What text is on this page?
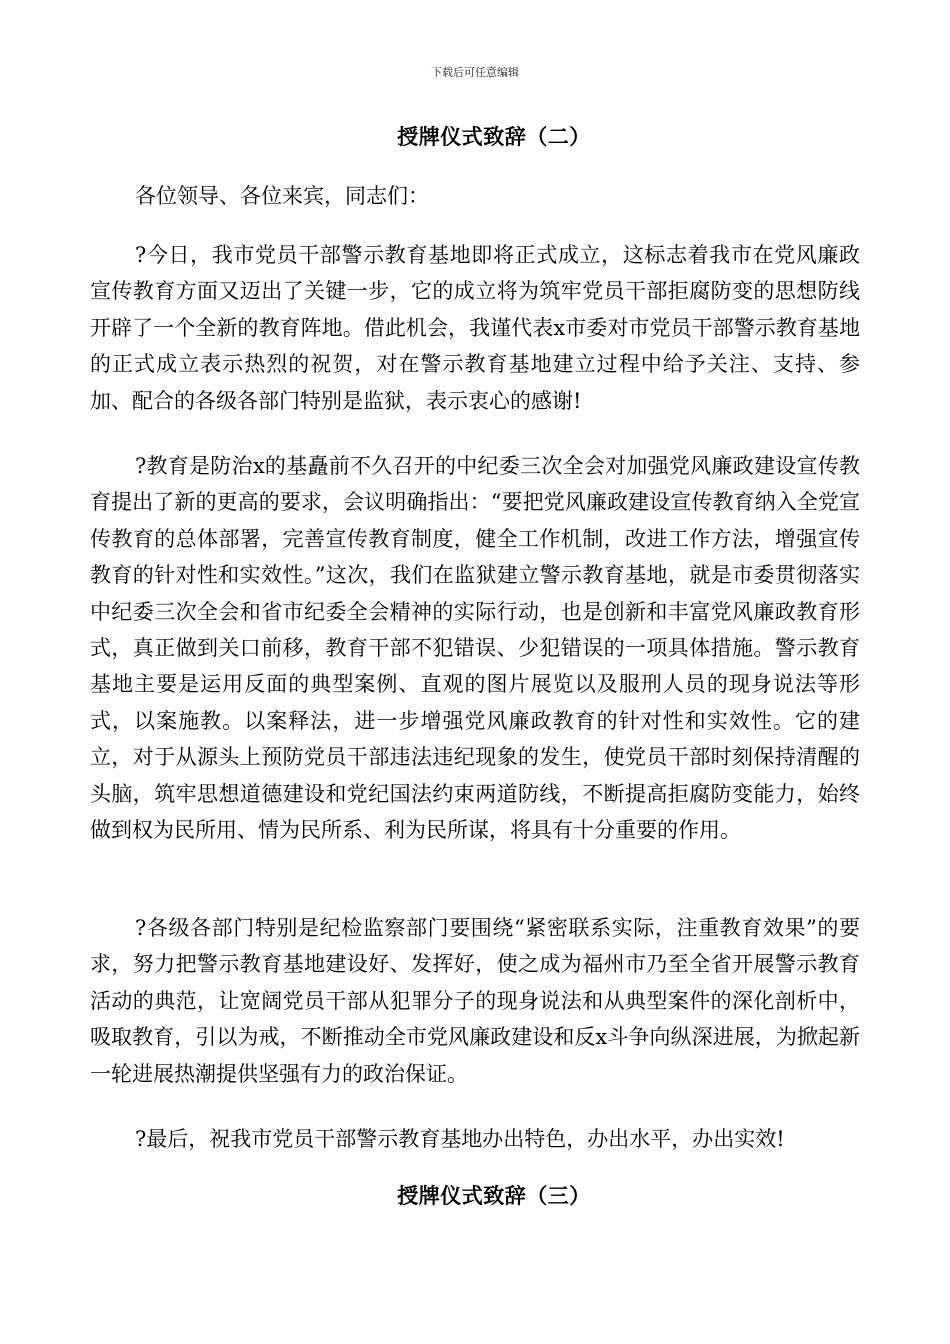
下载后可任意编辑
授牌仪式致辞（二）
各位领导、各位来宾，同志们：

?今日，我市党员干部警示教育基地即将正式成立，这标志着我市在党风廉政宣传教育方面又迈出了关键一步，它的成立将为筑牢党员干部拒腐防变的思想防线开辟了一个全新的教育阵地。借此机会，我谨代表x市委对市党员干部警示教育基地的正式成立表示热烈的祝贺，对在警示教育基地建立过程中给予关注、支持、参加、配合的各级各部门特别是监狱，表示衷心的感谢!

?教育是防治x的基矗前不久召开的中纪委三次全会对加强党风廉政建设宣传教育提出了新的更高的要求，会议明确指出：“要把党风廉政建设宣传教育纳入全党宣传教育的总体部署，完善宣传教育制度，健全工作机制，改进工作方法，增强宣传教育的针对性和实效性。”这次，我们在监狱建立警示教育基地，就是市委贯彻落实中纪委三次全会和省市纪委全会精神的实际行动，也是创新和丰富党风廉政教育形式，真正做到关口前移，教育干部不犯错误、少犯错误的一项具体措施。警示教育基地主要是运用反面的典型案例、直观的图片展览以及服刑人员的现身说法等形式，以案施教。以案释法，进一步增强党风廉政教育的针对性和实效性。它的建立，对于从源头上预防党员干部违法违纪现象的发生，使党员干部时刻保持清醒的头脑，筑牢思想道德建设和党纪国法约束两道防线，不断提高拒腐防变能力，始终做到权为民所用、情为民所系、利为民所谋，将具有十分重要的作用。

?各级各部门特别是纪检监察部门要围绕“紧密联系实际，注重教育效果”的要求，努力把警示教育基地建设好、发挥好，使之成为福州市乃至全省开展警示教育活动的典范，让宽阔党员干部从犯罪分子的现身说法和从典型案件的深化剖析中，吸取教育，引以为戒，不断推动全市党风廉政建设和反x斗争向纵深进展，为掀起新一轮进展热潮提供坚强有力的政治保证。

?最后，祝我市党员干部警示教育基地办出特色，办出水平，办出实效!

授牌仪式致辞（三）
